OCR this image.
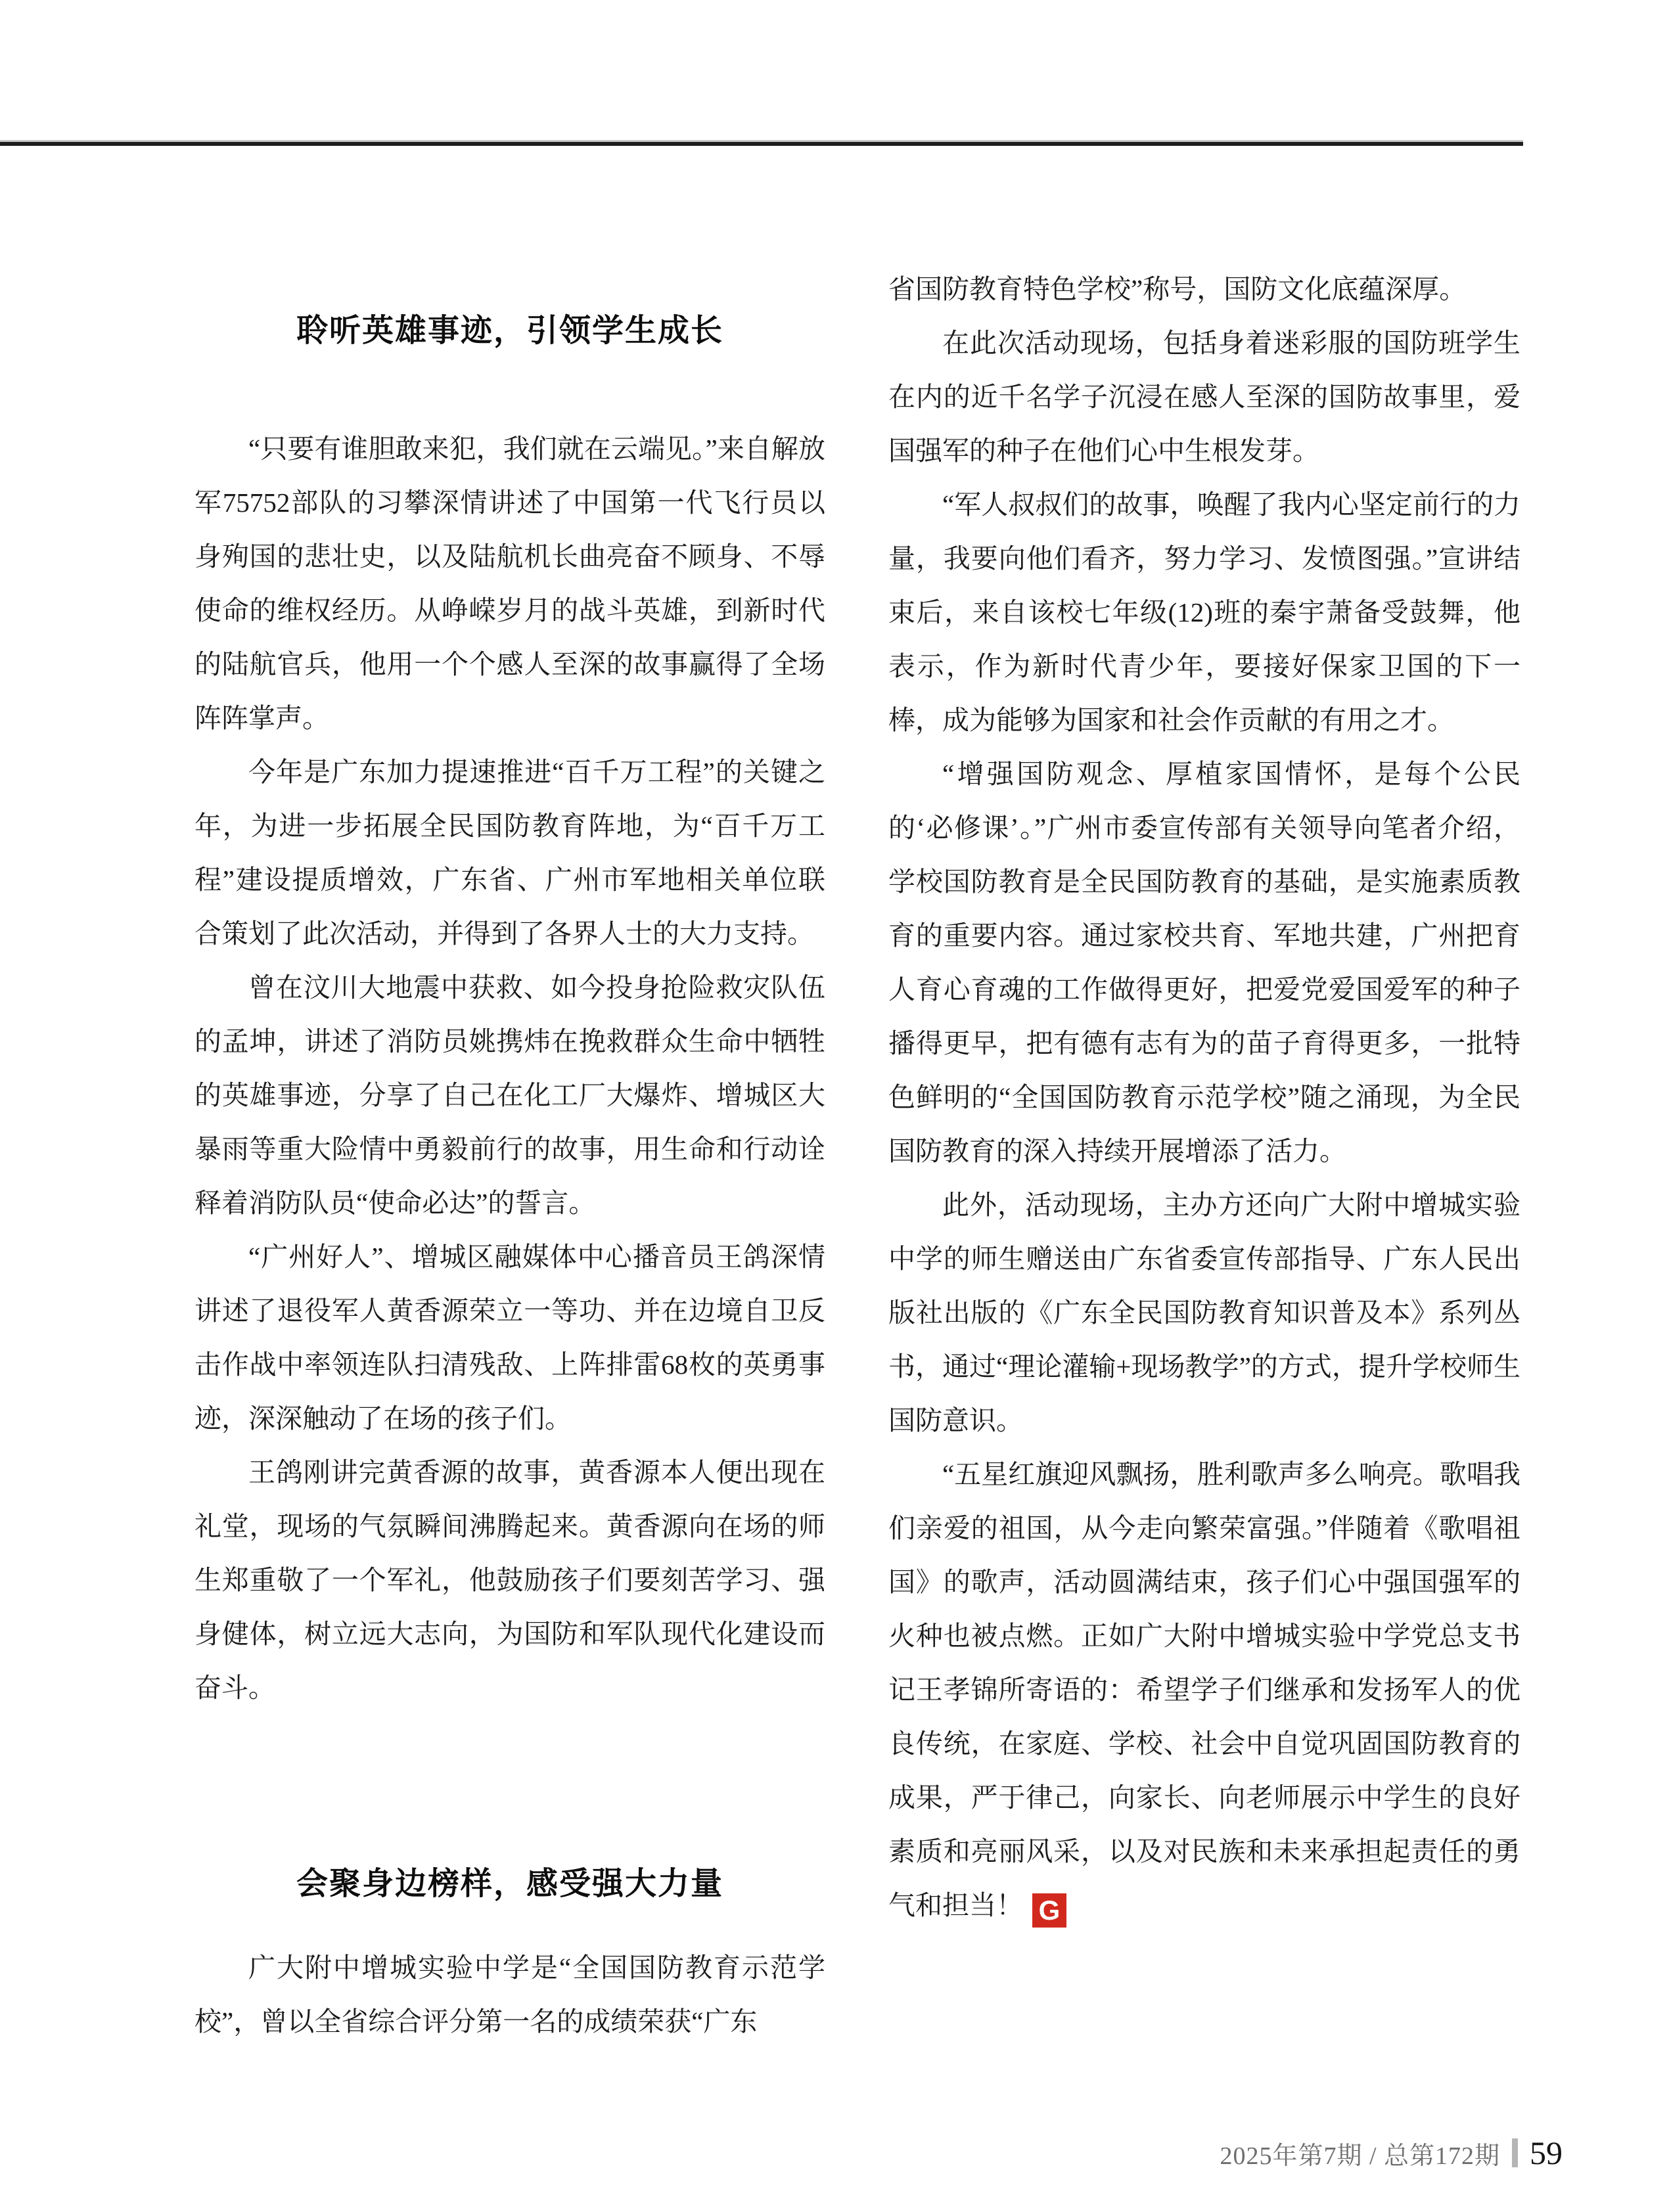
聆听英雄事迹，引领学生成长

“只要有谁胆敢来犯，我们就在云端见。”来自解放军75752部队的习攀深情讲述了中国第一代飞行员以身殉国的悲壮史，以及陆航机长曲亮奋不顾身、不辱使命的维权经历。从峥嵘岁月的战斗英雄，到新时代的陆航官兵，他用一个个感人至深的故事赢得了全场阵阵掌声。

今年是广东加力提速推进“百千万工程”的关键之年，为进一步拓展全民国防教育阵地，为“百千万工程”建设提质增效，广东省、广州市军地相关单位联合策划了此次活动，并得到了各界人士的大力支持。

曾在汶川大地震中获救、如今投身抢险救灾队伍的孟坤，讲述了消防员姚携炜在挽救群众生命中牺牲的英雄事迹，分享了自己在化工厂大爆炸、增城区大暴雨等重大险情中勇毅前行的故事，用生命和行动诠释着消防队员“使命必达”的誓言。

“广州好人”、增城区融媒体中心播音员王鸽深情讲述了退役军人黄香源荣立一等功、并在边境自卫反击作战中率领连队扫清残敌、上阵排雷68枚的英勇事迹，深深触动了在场的孩子们。

王鸽刚讲完黄香源的故事，黄香源本人便出现在礼堂，现场的气氛瞬间沸腾起来。黄香源向在场的师生郑重敬了一个军礼，他鼓励孩子们要刻苦学习、强身健体，树立远大志向，为国防和军队现代化建设而奋斗。

会聚身边榜样，感受强大力量

广大附中增城实验中学是“全国国防教育示范学校”，曾以全省综合评分第一名的成绩荣获“广东

省国防教育特色学校”称号，国防文化底蕴深厚。

在此次活动现场，包括身着迷彩服的国防班学生在内的近千名学子沉浸在感人至深的国防故事里，爱国强军的种子在他们心中生根发芽。

“军人叔叔们的故事，唤醒了我内心坚定前行的力量，我要向他们看齐，努力学习、发愤图强。”宣讲结束后，来自该校七年级(12)班的秦宇萧备受鼓舞，他表示，作为新时代青少年，要接好保家卫国的下一棒，成为能够为国家和社会作贡献的有用之才。

“增强国防观念、厚植家国情怀，是每个公民的‘必修课’。”广州市委宣传部有关领导向笔者介绍，学校国防教育是全民国防教育的基础，是实施素质教育的重要内容。通过家校共育、军地共建，广州把育人育心育魂的工作做得更好，把爱党爱国爱军的种子播得更早，把有德有志有为的苗子育得更多，一批特色鲜明的“全国国防教育示范学校”随之涌现，为全民国防教育的深入持续开展增添了活力。

此外，活动现场，主办方还向广大附中增城实验中学的师生赠送由广东省委宣传部指导、广东人民出版社出版的《广东全民国防教育知识普及本》系列丛书，通过“理论灌输+现场教学”的方式，提升学校师生国防意识。

“五星红旗迎风飘扬，胜利歌声多么响亮。歌唱我们亲爱的祖国，从今走向繁荣富强。”伴随着《歌唱祖国》的歌声，活动圆满结束，孩子们心中强国强军的火种也被点燃。正如广大附中增城实验中学党总支书记王孝锦所寄语的：希望学子们继承和发扬军人的优良传统，在家庭、学校、社会中自觉巩固国防教育的成果，严于律己，向家长、向老师展示中学生的良好素质和亮丽风采，以及对民族和未来承担起责任的勇气和担当！ G

2025年第7期 / 总第172期 59
